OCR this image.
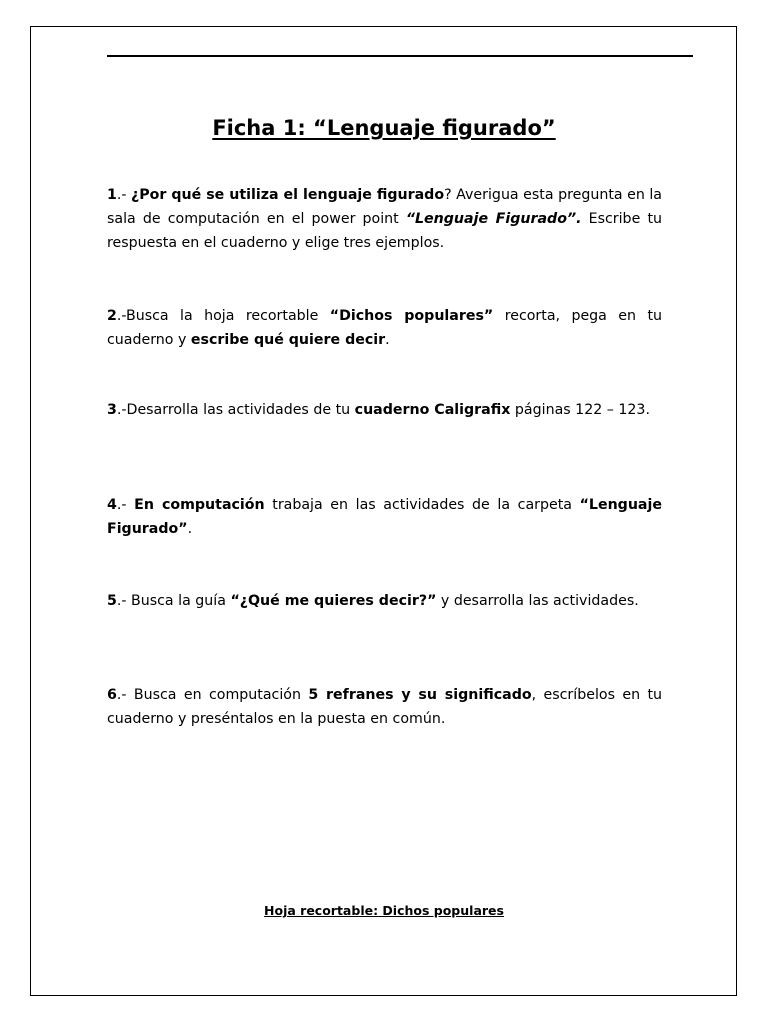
Ficha 1: “Lenguaje figurado”
1.- ¿Por qué se utiliza el lenguaje figurado? Averigua esta pregunta en la sala de computación en el power point “Lenguaje Figurado”. Escribe tu respuesta en el cuaderno y elige tres ejemplos.
2.-Busca la hoja recortable “Dichos populares” recorta, pega en tu cuaderno y escribe qué quiere decir.
3.-Desarrolla las actividades de tu cuaderno Caligrafix páginas 122 – 123.
4.- En computación trabaja en las actividades de la carpeta “Lenguaje Figurado”.
5.- Busca la guía “¿Qué me quieres decir?” y desarrolla las actividades.
6.- Busca en computación 5 refranes y su significado, escríbelos en tu cuaderno y preséntalos en la puesta en común.
Hoja recortable: Dichos populares
